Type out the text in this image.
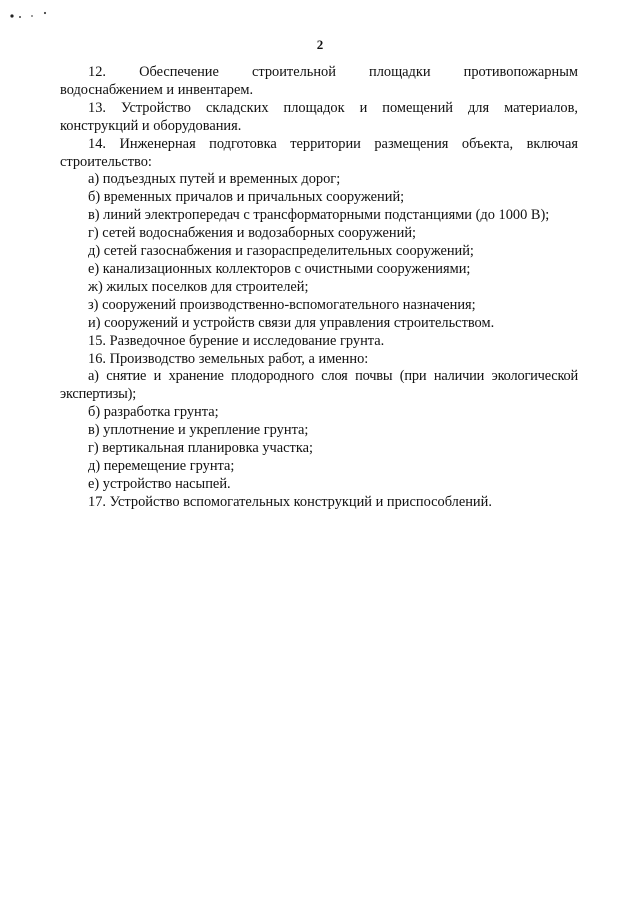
2
12. Обеспечение строительной площадки противопожарным

водоснабжением и инвентарем.

13. Устройство складских площадок и помещений для материалов, конструкций и оборудования.

14. Инженерная подготовка территории размещения объекта, включая строительство:

а) подъездных путей и временных дорог;

б) временных причалов и причальных сооружений;

в) линий электропередач с трансформаторными подстанциями (до 1000 В);

г) сетей водоснабжения и водозаборных сооружений;

д) сетей газоснабжения и газораспределительных сооружений;

е) канализационных коллекторов с очистными сооружениями;

ж) жилых поселков для строителей;

з) сооружений производственно-вспомогательного назначения;

и) сооружений и устройств связи для управления строительством.

15. Разведочное бурение и исследование грунта.

16. Производство земельных работ, а именно:

а) снятие и хранение плодородного слоя почвы (при наличии экологической экспертизы);

б) разработка грунта;

в) уплотнение и укрепление грунта;

г) вертикальная планировка участка;

д) перемещение грунта;

е) устройство насыпей.

17. Устройство вспомогательных конструкций и приспособлений.
